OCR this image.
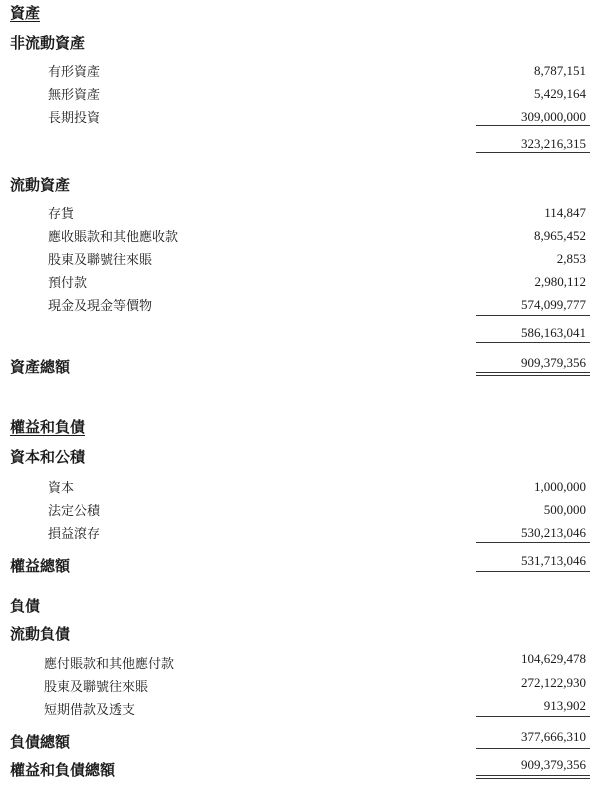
資產
非流動資產
有形資產	8,787,151
無形資產	5,429,164
長期投資	309,000,000
323,216,315
流動資產
存貨	114,847
應收賬款和其他應收款	8,965,452
股東及聯號往來賬	2,853
預付款	2,980,112
現金及現金等價物	574,099,777
586,163,041
資產總額	909,379,356
權益和負債
資本和公積
資本	1,000,000
法定公積	500,000
損益滾存	530,213,046
權益總額	531,713,046
負債
流動負債
應付賬款和其他應付款	104,629,478
股東及聯號往來賬	272,122,930
短期借款及透支	913,902
負債總額	377,666,310
權益和負債總額	909,379,356
